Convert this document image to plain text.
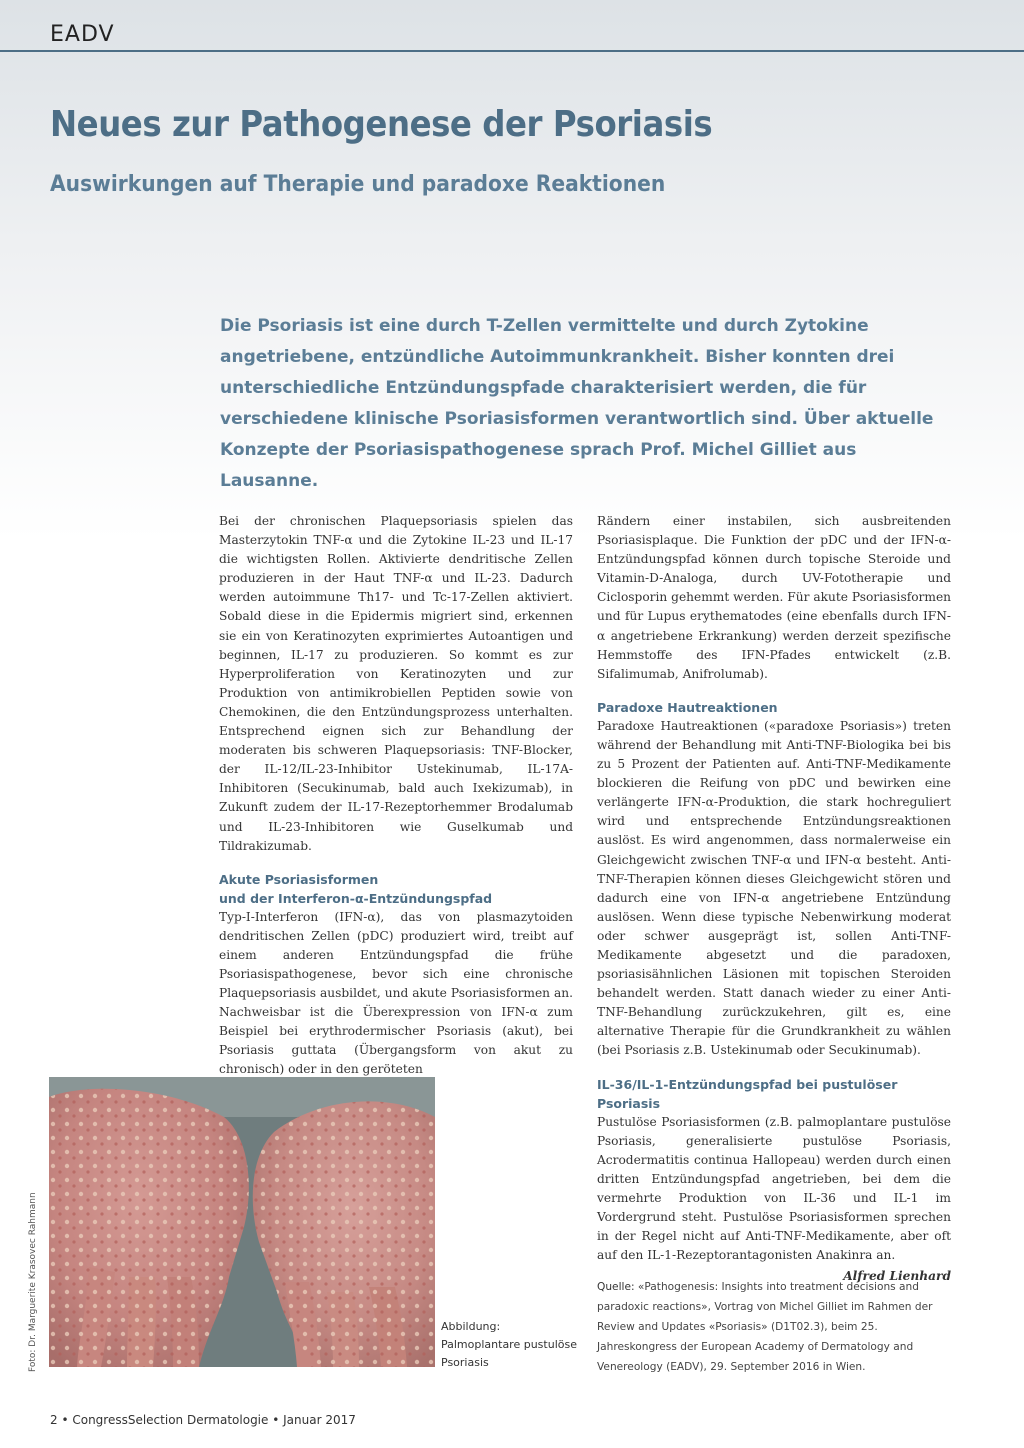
EADV
Neues zur Pathogenese der Psoriasis
Auswirkungen auf Therapie und paradoxe Reaktionen

Die Psoriasis ist eine durch T-Zellen vermittelte und durch Zytokine angetriebene, entzündliche Autoimmunkrankheit. Bisher konnten drei unterschiedliche Entzündungspfade charakterisiert werden, die für verschiedene klinische Psoriasisformen verantwortlich sind. Über aktuelle Konzepte der Psoriasispathogenese sprach Prof. Michel Gilliet aus Lausanne.

Bei der chronischen Plaquepsoriasis spielen das Masterzytokin TNF-α und die Zytokine IL-23 und IL-17 die wichtigsten Rollen. Aktivierte dendritische Zellen produzieren in der Haut TNF-α und IL-23. Dadurch werden autoimmune Th17- und Tc-17-Zellen aktiviert. Sobald diese in die Epidermis migriert sind, erkennen sie ein von Keratinozyten exprimiertes Autoantigen und beginnen, IL-17 zu produzieren. So kommt es zur Hyperproliferation von Keratinozyten und zur Produktion von antimikrobiellen Peptiden sowie von Chemokinen, die den Entzündungsprozess unterhalten. Entsprechend eignen sich zur Behandlung der moderaten bis schweren Plaquepsoriasis: TNF-Blocker, der IL-12/IL-23-Inhibitor Ustekinumab, IL-17A-Inhibitoren (Secukinumab, bald auch Ixekizumab), in Zukunft zudem der IL-17-Rezeptorhemmer Brodalumab und IL-23-Inhibitoren wie Guselkumab und Tildrakizumab.

Akute Psoriasisformen
und der Interferon-α-Entzündungspfad

Typ-I-Interferon (IFN-α), das von plasmazytoiden dendritischen Zellen (pDC) produziert wird, treibt auf einem anderen Entzündungspfad die frühe Psoriasispathogenese, bevor sich eine chronische Plaquepsoriasis ausbildet, und akute Psoriasisformen an. Nachweisbar ist die Überexpression von IFN-α zum Beispiel bei erythrodermischer Psoriasis (akut), bei Psoriasis guttata (Übergangsform von akut zu chronisch) oder in den geröteten

Rändern einer instabilen, sich ausbreitenden Psoriasisplaque. Die Funktion der pDC und der IFN-α-Entzündungspfad können durch topische Steroide und Vitamin-D-Analoga, durch UV-Fototherapie und Ciclosporin gehemmt werden. Für akute Psoriasisformen und für Lupus erythematodes (eine ebenfalls durch IFN-α angetriebene Erkrankung) werden derzeit spezifische Hemmstoffe des IFN-Pfades entwickelt (z.B. Sifalimumab, Anifrolumab).

Paradoxe Hautreaktionen

Paradoxe Hautreaktionen («paradoxe Psoriasis») treten während der Behandlung mit Anti-TNF-Biologika bei bis zu 5 Prozent der Patienten auf. Anti-TNF-Medikamente blockieren die Reifung von pDC und bewirken eine verlängerte IFN-α-Produktion, die stark hochreguliert wird und entsprechende Entzündungsreaktionen auslöst. Es wird angenommen, dass normalerweise ein Gleichgewicht zwischen TNF-α und IFN-α besteht. Anti-TNF-Therapien können dieses Gleichgewicht stören und dadurch eine von IFN-α angetriebene Entzündung auslösen. Wenn diese typische Nebenwirkung moderat oder schwer ausgeprägt ist, sollen Anti-TNF-Medikamente abgesetzt und die paradoxen, psoriasisähnlichen Läsionen mit topischen Steroiden behandelt werden. Statt danach wieder zu einer Anti-TNF-Behandlung zurückzukehren, gilt es, eine alternative Therapie für die Grundkrankheit zu wählen (bei Psoriasis z.B. Ustekinumab oder Secukinumab).

IL-36/IL-1-Entzündungspfad bei pustulöser Psoriasis

Pustulöse Psoriasisformen (z.B. palmoplantare pustulöse Psoriasis, generalisierte pustulöse Psoriasis, Acrodermatitis continua Hallopeau) werden durch einen dritten Entzündungspfad angetrieben, bei dem die vermehrte Produktion von IL-36 und IL-1 im Vordergrund steht. Pustulöse Psoriasisformen sprechen in der Regel nicht auf Anti-TNF-Medikamente, aber oft auf den IL-1-Rezeptorantagonisten Anakinra an.

Alfred Lienhard

Quelle: «Pathogenesis: Insights into treatment decisions and paradoxic reactions», Vortrag von Michel Gilliet im Rahmen der Review and Updates «Psoriasis» (D1T02.3), beim 25. Jahreskongress der European Academy of Dermatology and Venereology (EADV), 29. September 2016 in Wien.
Foto: Dr. Marguerite Krasovec Rahmann	Abbildung:
Palmoplantare pustulöse
Psoriasis
2 • CongressSelection Dermatologie • Januar 2017
